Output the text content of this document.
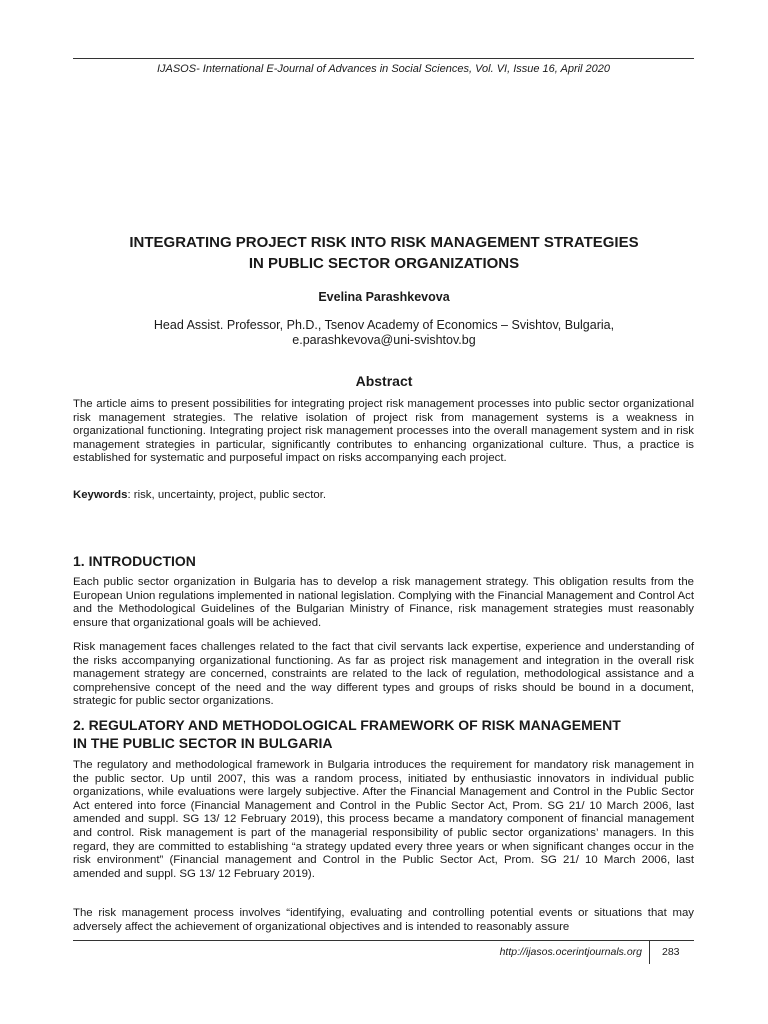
IJASOS- International E-Journal of Advances in Social Sciences, Vol. VI, Issue 16, April 2020
INTEGRATING PROJECT RISK INTO RISK MANAGEMENT STRATEGIES
IN PUBLIC SECTOR ORGANIZATIONS
Evelina Parashkevova
Head Assist. Professor, Ph.D., Tsenov Academy of Economics – Svishtov, Bulgaria,
e.parashkevova@uni-svishtov.bg
Abstract

The article aims to present possibilities for integrating project risk management processes into public sector organizational risk management strategies. The relative isolation of project risk from management systems is a weakness in organizational functioning. Integrating project risk management processes into the overall management system and in risk management strategies in particular, significantly contributes to enhancing organizational culture. Thus, a practice is established for systematic and purposeful impact on risks accompanying each project.

Keywords: risk, uncertainty, project, public sector.
1. INTRODUCTION

Each public sector organization in Bulgaria has to develop a risk management strategy. This obligation results from the European Union regulations implemented in national legislation. Complying with the Financial Management and Control Act and the Methodological Guidelines of the Bulgarian Ministry of Finance, risk management strategies must reasonably ensure that organizational goals will be achieved.

Risk management faces challenges related to the fact that civil servants lack expertise, experience and understanding of the risks accompanying organizational functioning. As far as project risk management and integration in the overall risk management strategy are concerned, constraints are related to the lack of regulation, methodological assistance and a comprehensive concept of the need and the way different types and groups of risks should be bound in a document, strategic for public sector organizations.

2. REGULATORY AND METHODOLOGICAL FRAMEWORK OF RISK MANAGEMENT
IN THE PUBLIC SECTOR IN BULGARIA

The regulatory and methodological framework in Bulgaria introduces the requirement for mandatory risk management in the public sector. Up until 2007, this was a random process, initiated by enthusiastic innovators in individual public organizations, while evaluations were largely subjective. After the Financial Management and Control in the Public Sector Act entered into force (Financial Management and Control in the Public Sector Act, Prom. SG 21/ 10 March 2006, last amended and suppl. SG 13/ 12 February 2019), this process became a mandatory component of financial management and control. Risk management is part of the managerial responsibility of public sector organizations’ managers. In this regard, they are committed to establishing “a strategy updated every three years or when significant changes occur in the risk environment” (Financial management and Control in the Public Sector Act, Prom. SG 21/ 10 March 2006, last amended and suppl. SG 13/ 12 February 2019).

The risk management process involves “identifying, evaluating and controlling potential events or situations that may adversely affect the achievement of organizational objectives and is intended to reasonably assure

http://ijasos.ocerintjournals.org 283
